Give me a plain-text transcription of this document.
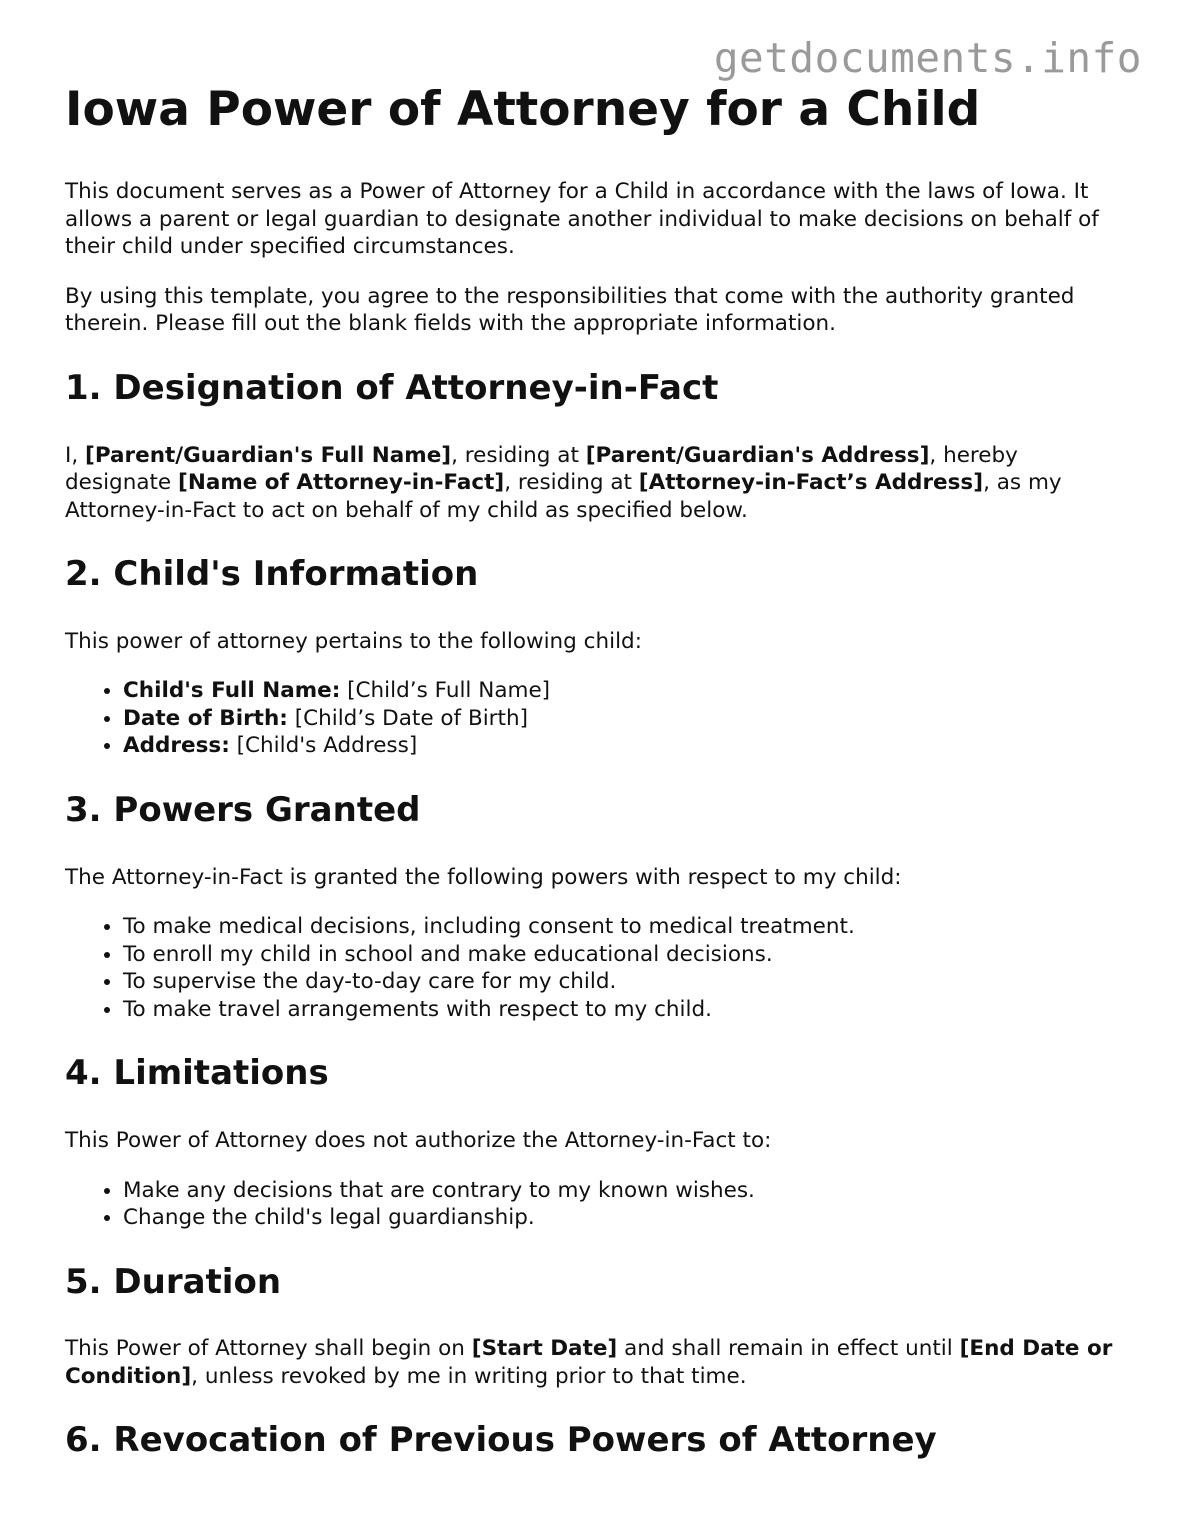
getdocuments.info
Iowa Power of Attorney for a Child

This document serves as a Power of Attorney for a Child in accordance with the laws of Iowa. It allows a parent or legal guardian to designate another individual to make decisions on behalf of their child under specified circumstances.

By using this template, you agree to the responsibilities that come with the authority granted therein. Please fill out the blank fields with the appropriate information.

1. Designation of Attorney-in-Fact

I, [Parent/Guardian's Full Name], residing at [Parent/Guardian's Address], hereby designate [Name of Attorney-in-Fact], residing at [Attorney-in-Fact’s Address], as my Attorney-in-Fact to act on behalf of my child as specified below.

2. Child's Information

This power of attorney pertains to the following child:

• Child's Full Name: [Child’s Full Name]
• Date of Birth: [Child’s Date of Birth]
• Address: [Child's Address]
3. Powers Granted

The Attorney-in-Fact is granted the following powers with respect to my child:

• To make medical decisions, including consent to medical treatment.
• To enroll my child in school and make educational decisions.
• To supervise the day-to-day care for my child.
• To make travel arrangements with respect to my child.
4. Limitations

This Power of Attorney does not authorize the Attorney-in-Fact to:

• Make any decisions that are contrary to my known wishes.
• Change the child's legal guardianship.
5. Duration

This Power of Attorney shall begin on [Start Date] and shall remain in effect until [End Date or Condition], unless revoked by me in writing prior to that time.

6. Revocation of Previous Powers of Attorney
